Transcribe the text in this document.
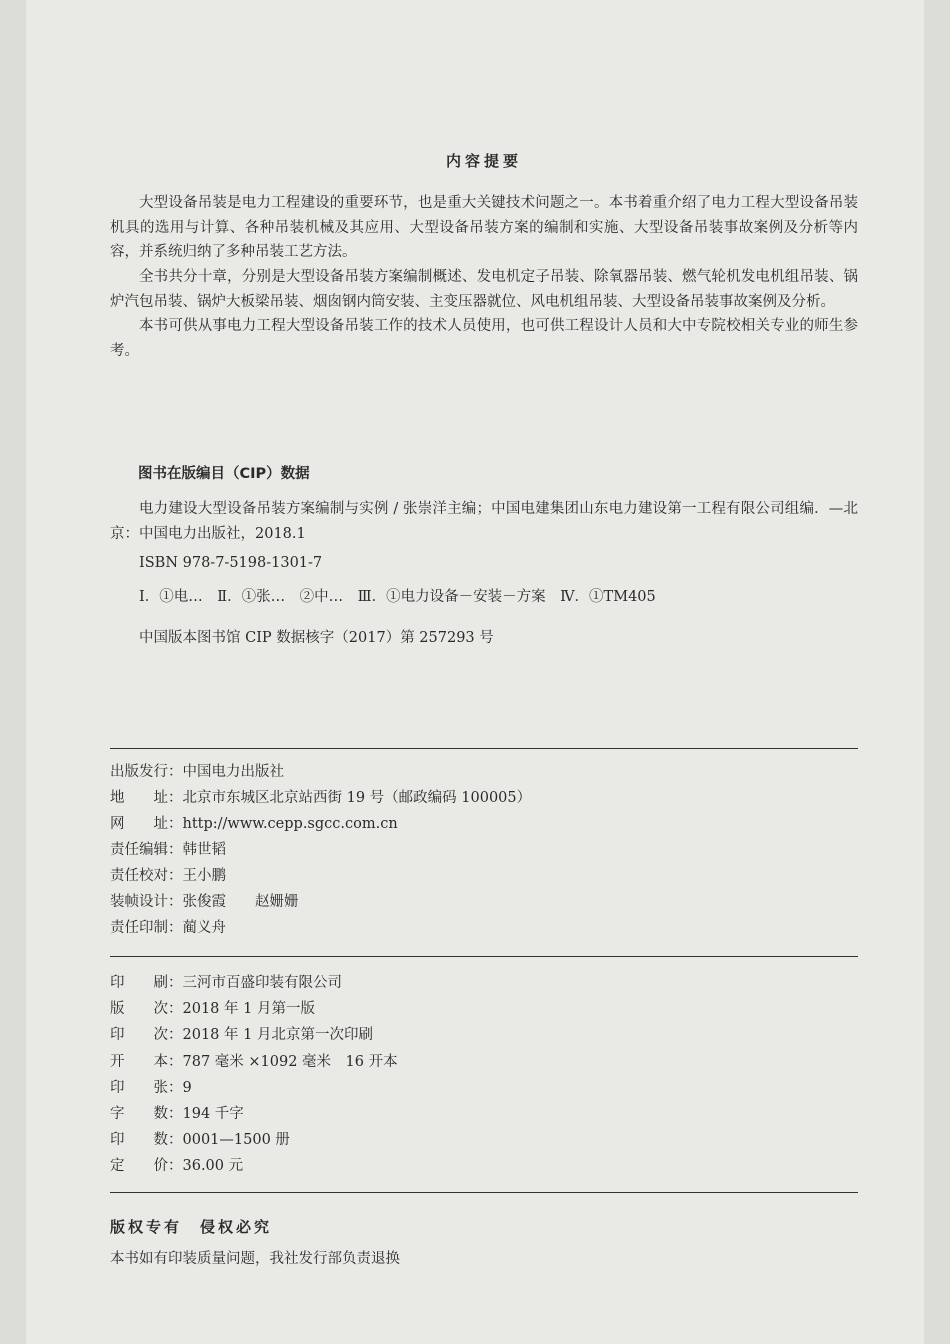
内容提要
大型设备吊装是电力工程建设的重要环节，也是重大关键技术问题之一。本书着重介绍了电力工程大型设备吊装机具的选用与计算、各种吊装机械及其应用、大型设备吊装方案的编制和实施、大型设备吊装事故案例及分析等内容，并系统归纳了多种吊装工艺方法。
全书共分十章，分别是大型设备吊装方案编制概述、发电机定子吊装、除氧器吊装、燃气轮机发电机组吊装、锅炉汽包吊装、锅炉大板梁吊装、烟囱钢内筒安装、主变压器就位、风电机组吊装、大型设备吊装事故案例及分析。
本书可供从事电力工程大型设备吊装工作的技术人员使用，也可供工程设计人员和大中专院校相关专业的师生参考。
图书在版编目（CIP）数据
电力建设大型设备吊装方案编制与实例 / 张崇洋主编；中国电建集团山东电力建设第一工程有限公司组编．—北京：中国电力出版社，2018.1
ISBN 978-7-5198-1301-7
Ⅰ．①电…　Ⅱ．①张…　②中…　Ⅲ．①电力设备－安装－方案　Ⅳ．①TM405
中国版本图书馆 CIP 数据核字（2017）第 257293 号
出版发行：中国电力出版社
地　　址：北京市东城区北京站西街 19 号（邮政编码 100005）
网　　址：http://www.cepp.sgcc.com.cn
责任编辑：韩世韬
责任校对：王小鹏
装帧设计：张俊霞　　赵姗姗
责任印制：蔺义舟
印　　刷：三河市百盛印装有限公司
版　　次：2018 年 1 月第一版
印　　次：2018 年 1 月北京第一次印刷
开　　本：787 毫米 ×1092 毫米　16 开本
印　　张：9
字　　数：194 千字
印　　数：0001—1500 册
定　　价：36.00 元
版权专有　侵权必究
本书如有印装质量问题，我社发行部负责退换
